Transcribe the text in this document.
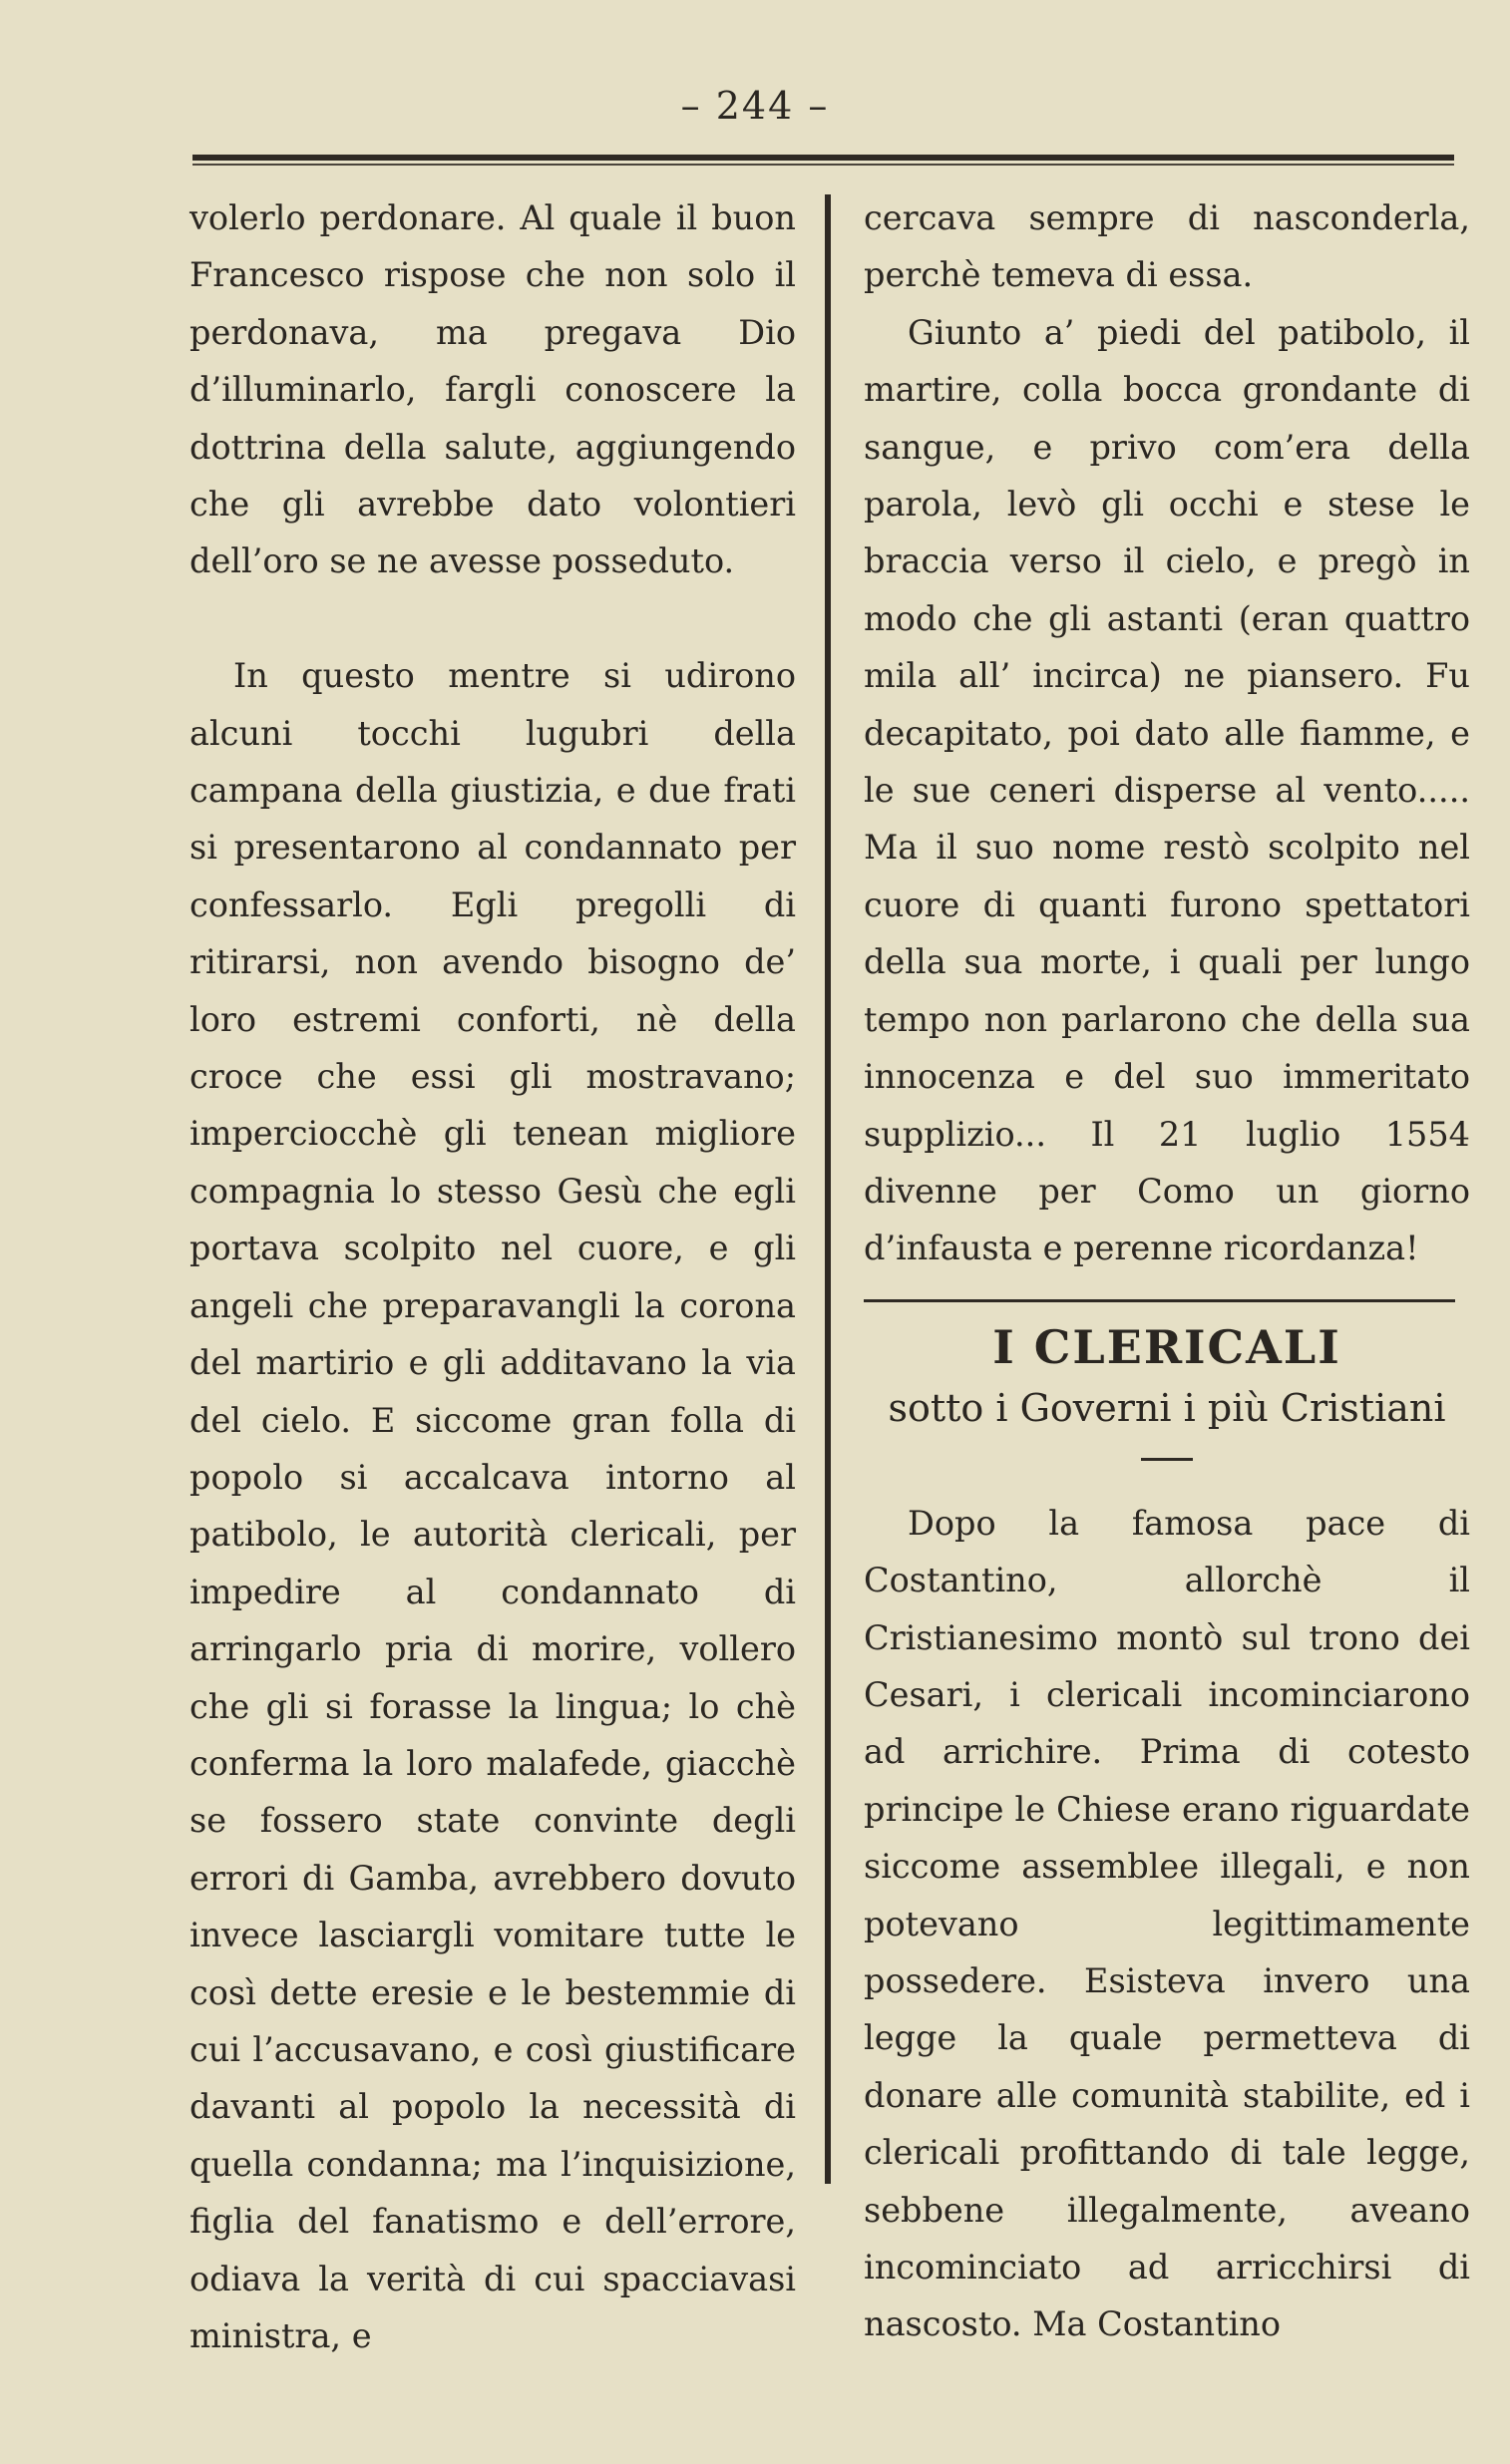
– 244 –

volerlo perdonare. Al quale il buon Francesco rispose che non solo il perdonava, ma pregava Dio d’illuminarlo, fargli conoscere la dottrina della salute, aggiungendo che gli avrebbe dato volontieri dell’oro se ne avesse posseduto.

In questo mentre si udirono alcuni tocchi lugubri della campana della giustizia, e due frati si presentarono al condannato per confessarlo. Egli pregolli di ritirarsi, non avendo bisogno de’ loro estremi conforti, nè della croce che essi gli mostravano; imperciocchè gli tenean migliore compagnia lo stesso Gesù che egli portava scolpito nel cuore, e gli angeli che preparavangli la corona del martirio e gli additavano la via del cielo. E siccome gran folla di popolo si accalcava intorno al patibolo, le autorità clericali, per impedire al condannato di arringarlo pria di morire, vollero che gli si forasse la lingua; lo chè conferma la loro malafede, giacchè se fossero state convinte degli errori di Gamba, avrebbero dovuto invece lasciargli vomitare tutte le così dette eresie e le bestemmie di cui l’accusavano, e così giustificare davanti al popolo la necessità di quella condanna; ma l’inquisizione, figlia del fanatismo e dell’errore, odiava la verità di cui spacciavasi ministra, e

cercava sempre di nasconderla, perchè temeva di essa.

Giunto a’ piedi del patibolo, il martire, colla bocca grondante di sangue, e privo com’era della parola, levò gli occhi e stese le braccia verso il cielo, e pregò in modo che gli astanti (eran quattro mila all’ incirca) ne piansero. Fu decapitato, poi dato alle fiamme, e le sue ceneri disperse al vento..... Ma il suo nome restò scolpito nel cuore di quanti furono spettatori della sua morte, i quali per lungo tempo non parlarono che della sua innocenza e del suo immeritato supplizio... Il 21 luglio 1554 divenne per Como un giorno d’infausta e perenne ricordanza!

I CLERICALI
sotto i Governi i più Cristiani

Dopo la famosa pace di Costantino, allorchè il Cristianesimo montò sul trono dei Cesari, i clericali incominciarono ad arrichire. Prima di cotesto principe le Chiese erano riguardate siccome assemblee illegali, e non potevano legittimamente possedere. Esisteva invero una legge la quale permetteva di donare alle comunità stabilite, ed i clericali profittando di tale legge, sebbene illegalmente, aveano incominciato ad arricchirsi di nascosto. Ma Costantino
